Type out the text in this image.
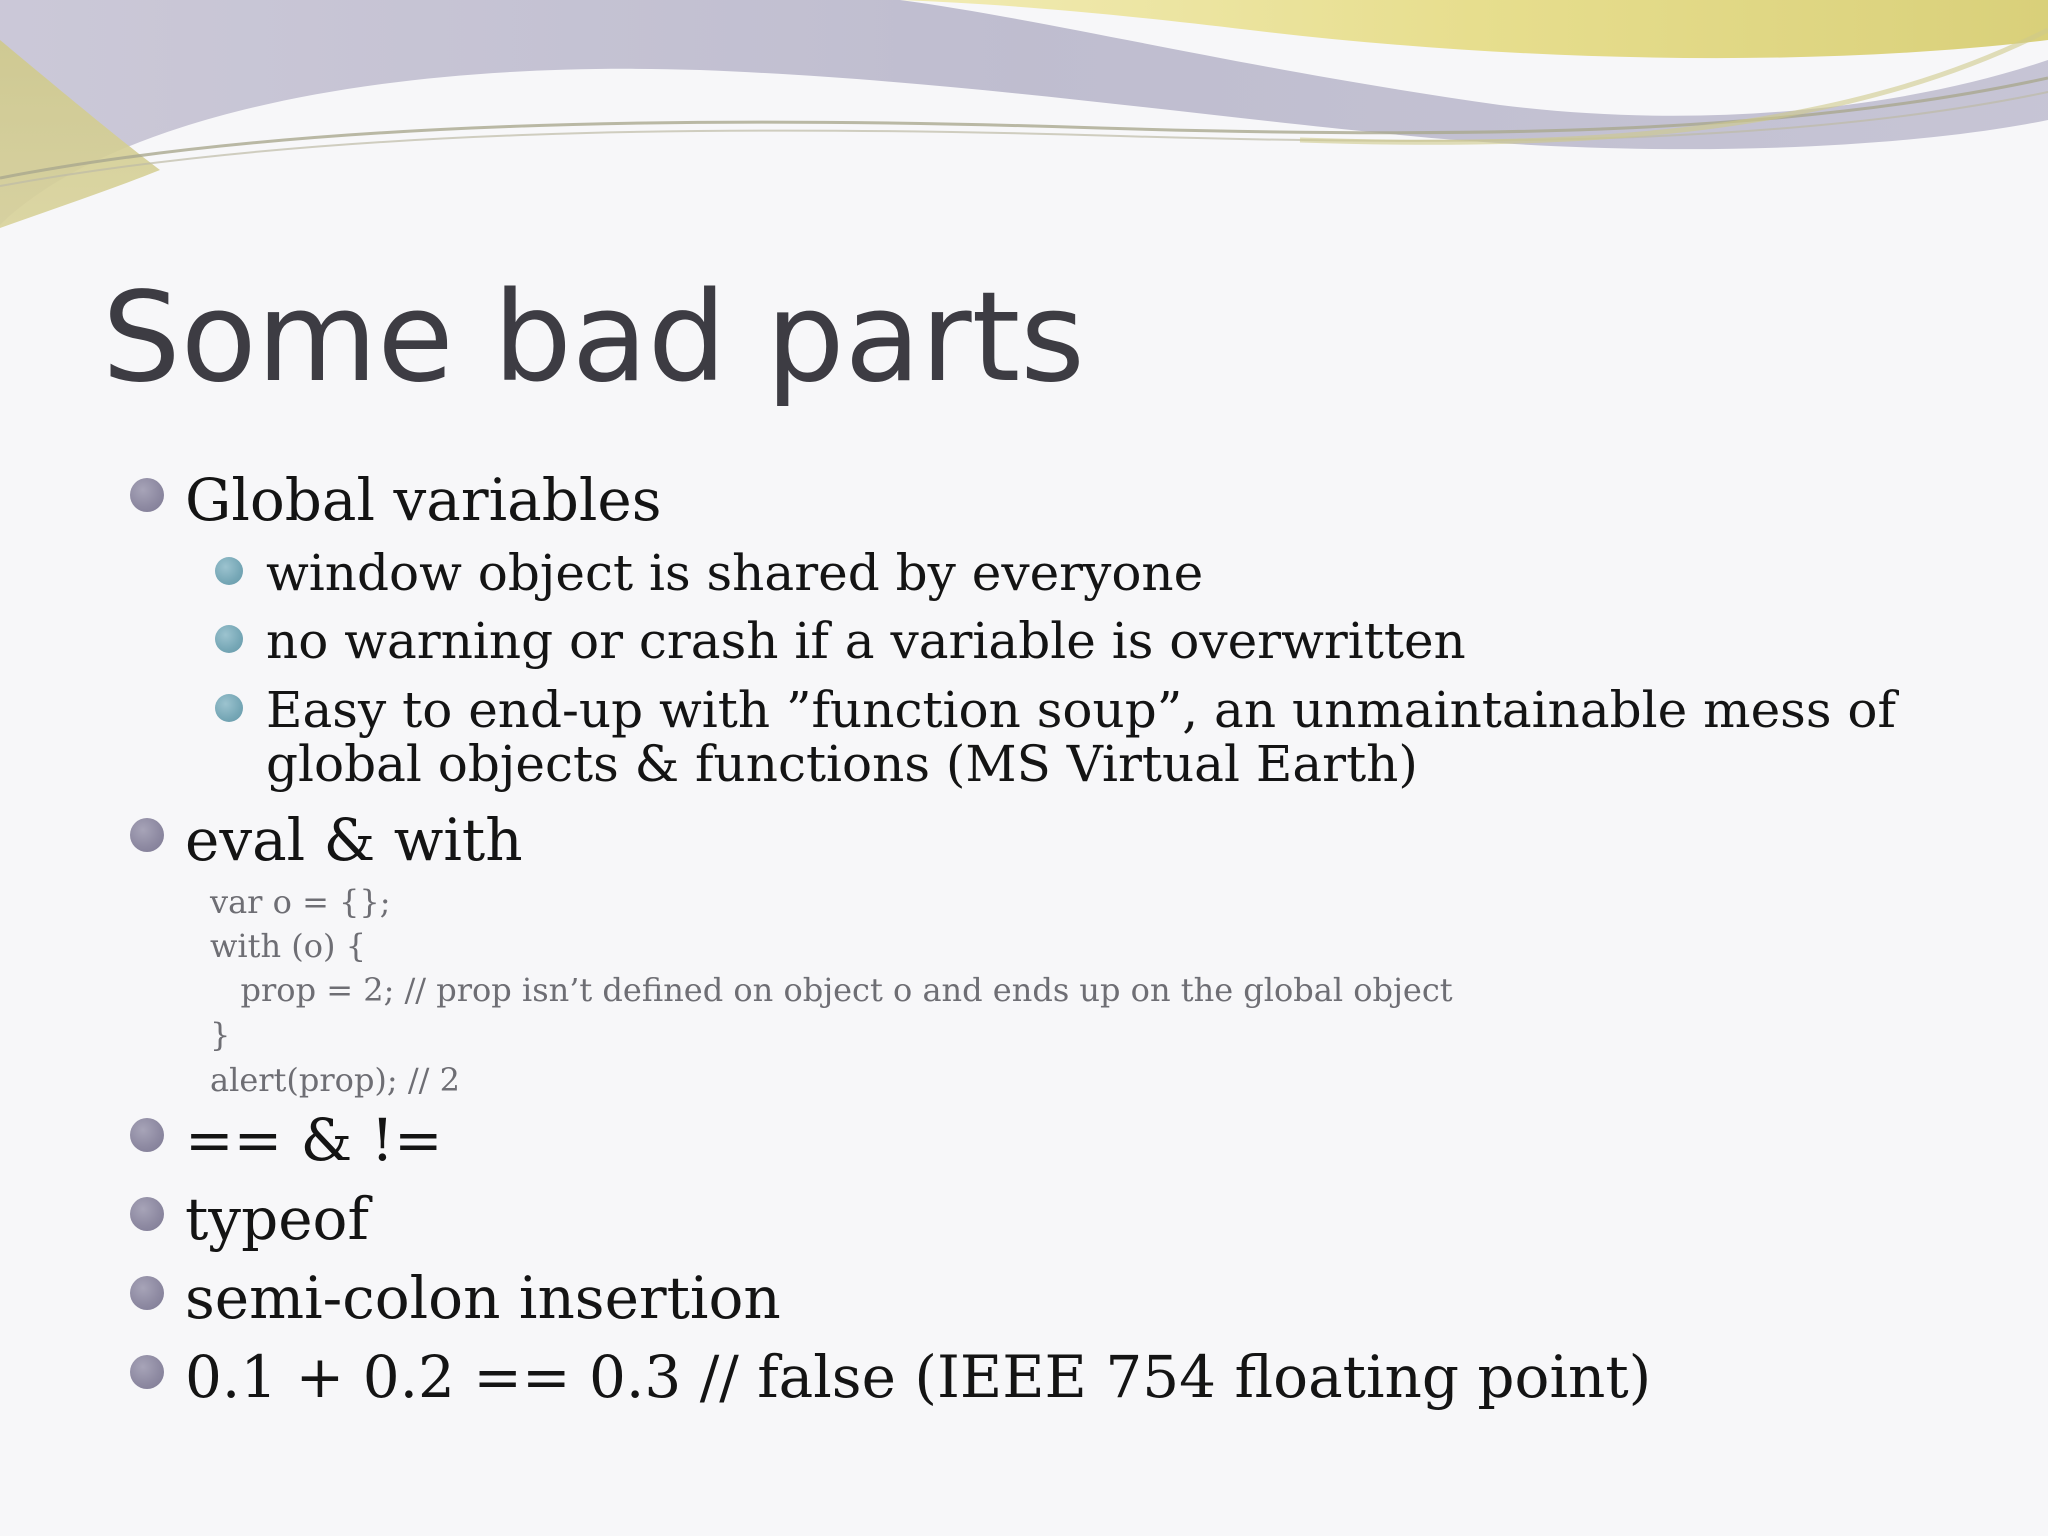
Some bad parts
Global variables
window object is shared by everyone
no warning or crash if a variable is overwritten
Easy to end-up with ”function soup”, an unmaintainable mess of
global objects & functions (MS Virtual Earth)
eval & with
var o = {};
with (o) {
prop = 2; // prop isn’t defined on object o and ends up on the global object
}
alert(prop); // 2
== & !=
typeof
semi-colon insertion
0.1 + 0.2 == 0.3 // false (IEEE 754 floating point)
